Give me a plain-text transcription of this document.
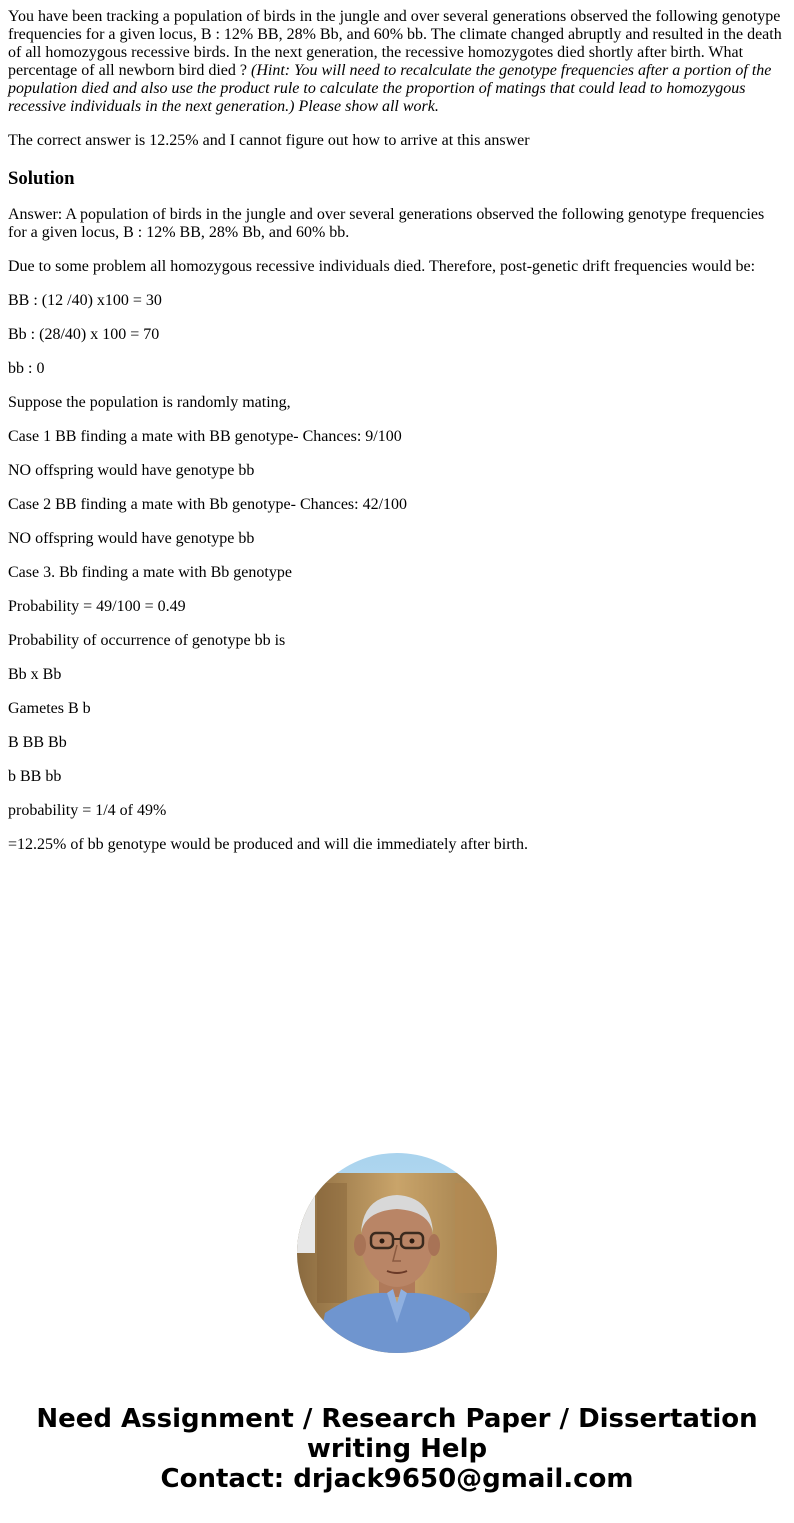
You have been tracking a population of birds in the jungle and over several generations observed the following genotype frequencies for a given locus, B : 12% BB, 28% Bb, and 60% bb. The climate changed abruptly and resulted in the death of all homozygous recessive birds. In the next generation, the recessive homozygotes died shortly after birth. What percentage of all newborn bird died ? (Hint: You will need to recalculate the genotype frequencies after a portion of the population died and also use the product rule to calculate the proportion of matings that could lead to homozygous recessive individuals in the next generation.) Please show all work.

The correct answer is 12.25% and I cannot figure out how to arrive at this answer

Solution

Answer: A population of birds in the jungle and over several generations observed the following genotype frequencies for a given locus, B : 12% BB, 28% Bb, and 60% bb.

Due to some problem all homozygous recessive individuals died. Therefore, post-genetic drift frequencies would be:

BB : (12 /40) x100 = 30

Bb : (28/40) x 100 = 70

bb : 0

Suppose the population is randomly mating,

Case 1 BB finding a mate with BB genotype- Chances: 9/100

NO offspring would have genotype bb

Case 2 BB finding a mate with Bb genotype- Chances: 42/100

NO offspring would have genotype bb

Case 3. Bb finding a mate with Bb genotype

Probability = 49/100 = 0.49

Probability of occurrence of genotype bb is

Bb x Bb

Gametes B b

B BB Bb

b BB bb

probability = 1/4 of 49%

=12.25% of bb genotype would be produced and will die immediately after birth.

Need Assignment / Research Paper / Dissertation
writing Help
Contact: drjack9650@gmail.com
